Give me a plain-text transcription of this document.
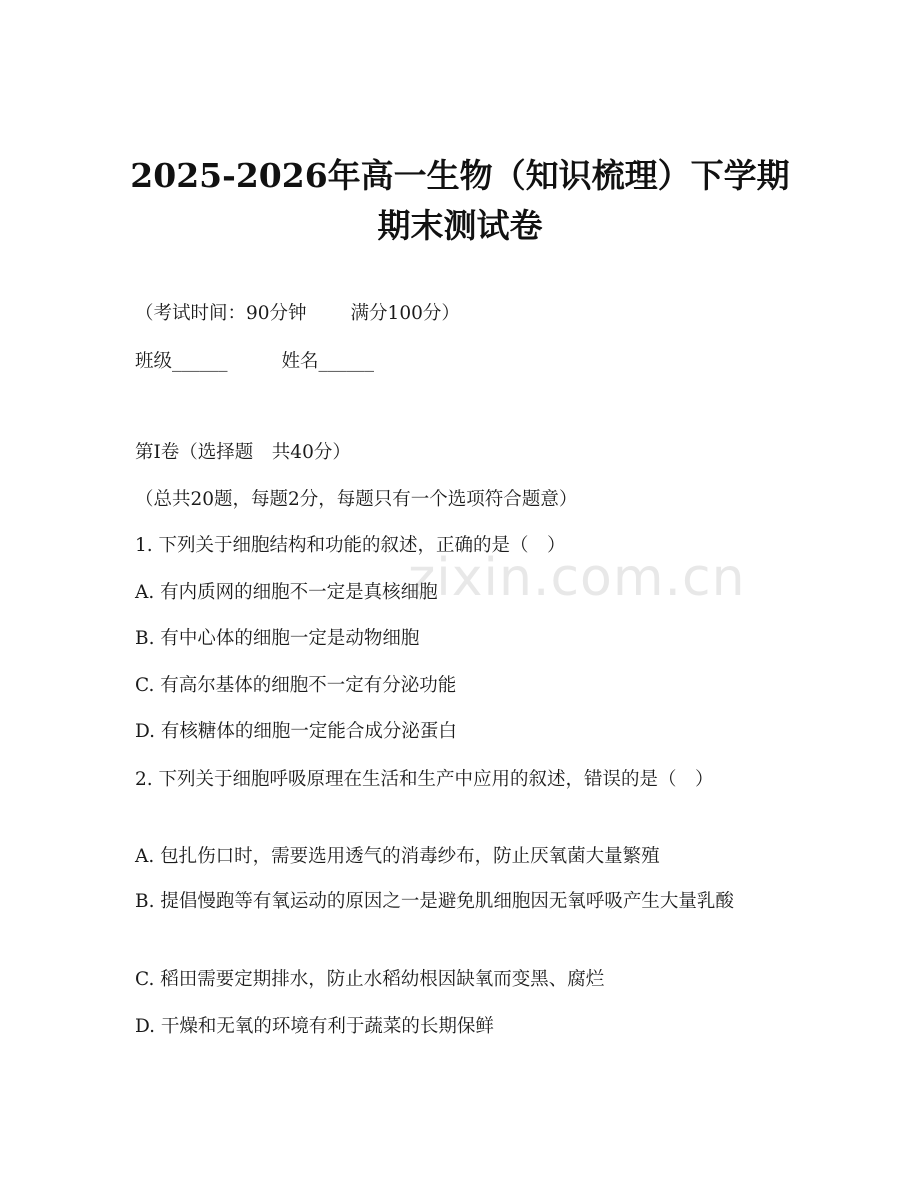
2025-2026年高一生物（知识梳理）下学期
期末测试卷
（考试时间：90分钟 满分100分）
班级______	姓名______
第Ⅰ卷（选择题　共40分）
（总共20题，每题2分，每题只有一个选项符合题意）
1. 下列关于细胞结构和功能的叙述，正确的是（　）
A. 有内质网的细胞不一定是真核细胞
B. 有中心体的细胞一定是动物细胞
C. 有高尔基体的细胞不一定有分泌功能
D. 有核糖体的细胞一定能合成分泌蛋白
2. 下列关于细胞呼吸原理在生活和生产中应用的叙述，错误的是（　）
A. 包扎伤口时，需要选用透气的消毒纱布，防止厌氧菌大量繁殖
B. 提倡慢跑等有氧运动的原因之一是避免肌细胞因无氧呼吸产生大量乳酸
C. 稻田需要定期排水，防止水稻幼根因缺氧而变黑、腐烂
D. 干燥和无氧的环境有利于蔬菜的长期保鲜
zixin.com.cn
